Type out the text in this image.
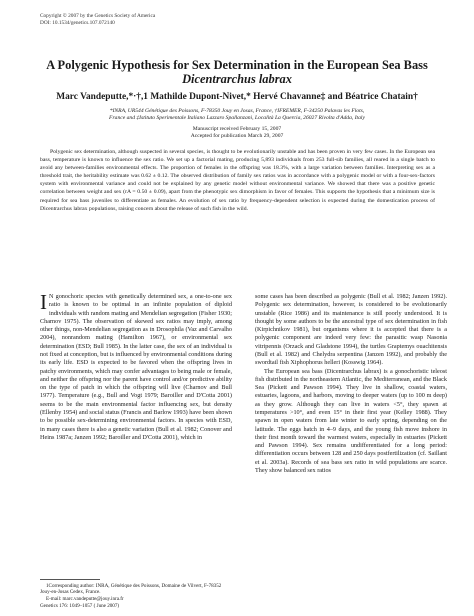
Copyright © 2007 by the Genetics Society of America
DOI: 10.1534/genetics.107.072140
A Polygenic Hypothesis for Sex Determination in the European Sea Bass
Dicentrarchus labrax
Marc Vandeputte,*·†,1 Mathilde Dupont-Nivet,* Hervé Chavanne‡ and Béatrice Chatain†
*INRA, UR544 Génétique des Poissons, F-78350 Jouy en Josas, France, †IFREMER, F-34250 Palavas les Flots,
France and ‡Istituto Sperimentale Italiano Lazzaro Spallanzani, Località La Quercia, 26027 Rivolta d'Adda, Italy
Manuscript received February 15, 2007
Accepted for publication March 29, 2007
Polygenic sex determination, although suspected in several species, is thought to be evolutionarily unstable and has been proven in very few cases. In the European sea bass, temperature is known to influence the sex ratio. We set up a factorial mating, producing 5,893 individuals from 253 full-sib families, all reared in a single batch to avoid any between-families environmental effects. The proportion of females in the offspring was 18.3%, with a large variation between families. Interpreting sex as a threshold trait, the heritability estimate was 0.62 ± 0.12. The observed distribution of family sex ratios was in accordance with a polygenic model or with a four-sex-factors system with environmental variance and could not be explained by any genetic model without environmental variance. We showed that there was a positive genetic correlation between weight and sex (rA = 0.50 ± 0.09), apart from the phenotypic sex dimorphism in favor of females. This supports the hypothesis that a minimum size is required for sea bass juveniles to differentiate as females. An evolution of sex ratio by frequency-dependent selection is expected during the domestication process of Dicentrarchus labrax populations, raising concern about the release of such fish in the wild.
I N gonochoric species with genetically determined sex, a one-to-one sex ratio is known to be optimal in an infinite population of diploid individuals with random mating and Mendelian segregation (Fisher 1930; Charnov 1975). The observation of skewed sex ratios may imply, among other things, non-Mendelian segregation as in Drosophila (Vaz and Carvalho 2004), nonrandom mating (Hamilton 1967), or environmental sex determination (ESD; Bull 1985). In the latter case, the sex of an individual is not fixed at conception, but is influenced by environmental conditions during its early life. ESD is expected to be favored when the offspring lives in patchy environments, which may confer advantages to being male or female, and neither the offspring nor the parent have control and/or predictive ability on the type of patch in which the offspring will live (Charnov and Bull 1977). Temperature (e.g., Bull and Vogt 1979; Baroiller and D'Cotta 2001) seems to be the main environmental factor influencing sex, but density (Ellenby 1954) and social status (Francis and Barlow 1993) have been shown to be possible sex-determining environmental factors. In species with ESD, in many cases there is also a genetic variation (Bull et al. 1982; Conover and Heins 1987a; Janzen 1992; Baroiller and D'Cotta 2001), which in

some cases has been described as polygenic (Bull et al. 1982; Janzen 1992). Polygenic sex determination, however, is considered to be evolutionarily unstable (Rice 1986) and its maintenance is still poorly understood. It is thought by some authors to be the ancestral type of sex determination in fish (Kirpichnikov 1981), but organisms where it is accepted that there is a polygenic component are indeed very few: the parasitic wasp Nasonia vitripennis (Orzack and Gladstone 1994), the turtles Graptemys ouachitensis (Bull et al. 1982) and Chelydra serpentina (Janzen 1992), and probably the swordtail fish Xiphophorus helleri (Kosswig 1964).

The European sea bass (Dicentrarchus labrax) is a gonochoristic teleost fish distributed in the northeastern Atlantic, the Mediterranean, and the Black Sea (Pickett and Pawson 1994). They live in shallow, coastal waters, estuaries, lagoons, and harbors, moving to deeper waters (up to 100 m deep) as they grow. Although they can live in waters <5°, they spawn at temperatures >10°, and even 15° in their first year (Kelley 1988). They spawn in open waters from late winter to early spring, depending on the latitude. The eggs hatch in 4–9 days, and the young fish move inshore in their first month toward the warmest waters, especially in estuaries (Pickett and Pawson 1994). Sex remains undifferentiated for a long period: differentiation occurs between 128 and 250 days postfertilization (cf. Saillant et al. 2003a). Records of sea bass sex ratio in wild populations are scarce. They show balanced sex ratios

1Corresponding author: INRA, Génétique des Poissons, Domaine de Vilvert, F-78352 Jouy-en-Josas Cedex, France.
E-mail: marc.vandeputte@jouy.inra.fr
Genetics 176: 1049–1057 ( June 2007)
